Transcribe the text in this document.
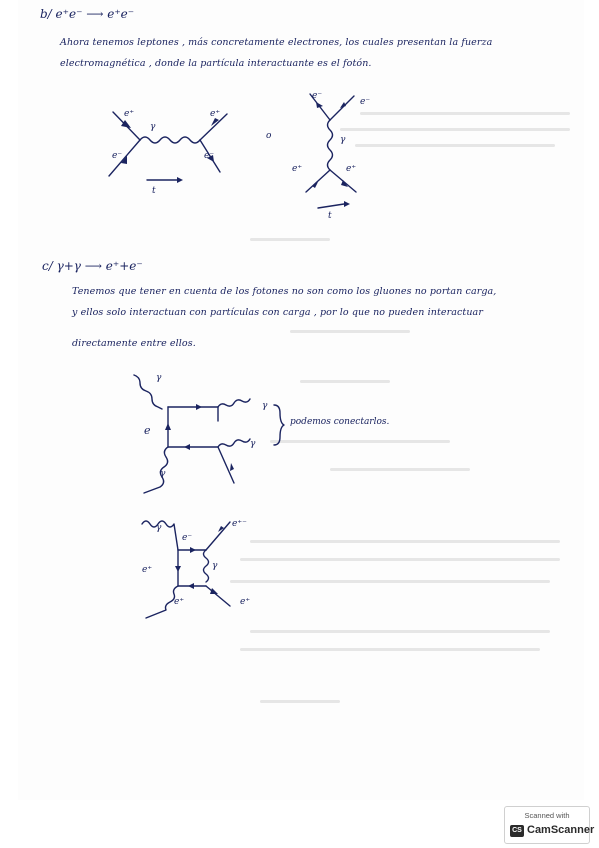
b/ e⁺e⁻ ⟶ e⁺e⁻
Ahora tenemos leptones , más concretamente electrones, los cuales presentan la fuerza
electromagnética , donde la partícula interactuante es el fotón.
e⁺
γ
e⁺
e⁻	e⁻
t
o
e⁻
e⁻
γ
e⁺	e⁺
t
c/ γ+γ ⟶ e⁺+e⁻
Tenemos que tener en cuenta de los fotones no son como los gluones no portan carga,
y ellos solo interactuan con partículas con carga , por lo que no pueden interactuar
directamente entre ellos.
γ
γ
e
γ
γ
podemos conectarlos.
γ
e⁻
e⁺⁻
γ
e⁺
e⁺	e⁺
Scanned with
CS CamScanner
